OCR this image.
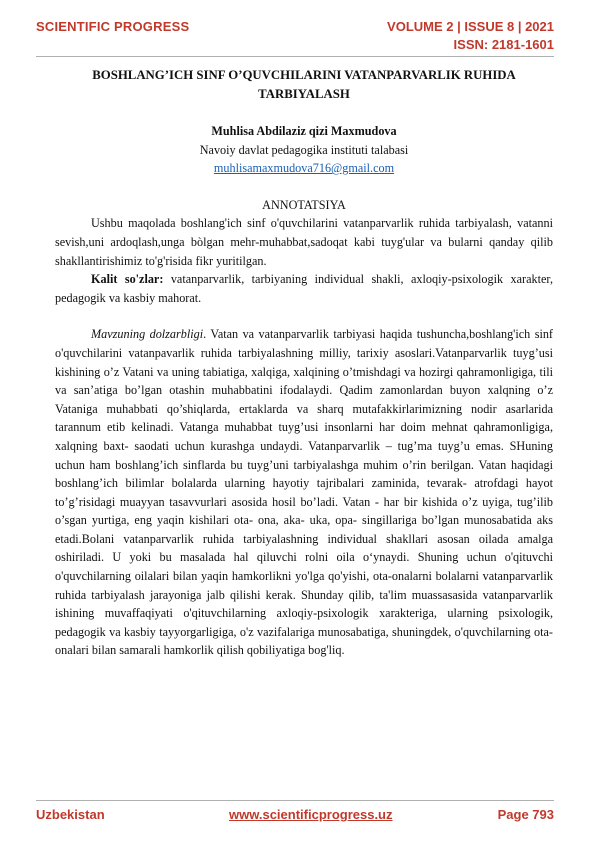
SCIENTIFIC PROGRESS	VOLUME 2 | ISSUE 8 | 2021
ISSN: 2181-1601
BOSHLANG’ICH SINF O’QUVCHILARINI VATANPARVARLIK RUHIDA TARBIYALASH

Muhlisa Abdilaziz qizi Maxmudova

Navoiy davlat pedagogika instituti talabasi

muhlisamaxmudova716@gmail.com

ANNOTATSIYA

Ushbu maqolada boshlang'ich sinf o'quvchilarini vatanparvarlik ruhida tarbiyalash, vatanni sevish,uni ardoqlash,unga bòlgan mehr-muhabbat,sadoqat kabi tuyg'ular va bularni qanday qilib shakllantirishimiz to'g'risida fikr yuritilgan.

Kalit so'zlar: vatanparvarlik, tarbiyaning individual shakli, axloqiy-psixologik xarakter, pedagogik va kasbiy mahorat.

Mavzuning dolzarbligi. Vatan va vatanparvarlik tarbiyasi haqida tushuncha,boshlang'ich sinf o'quvchilarini vatanpavarlik ruhida tarbiyalashning milliy, tarixiy asoslari.Vatanparvarlik tuyg’usi kishining o’z Vatani va uning tabiatiga, xalqiga, xalqining o’tmishdagi va hozirgi qahramonligiga, tili va san’atiga bo’lgan otashin muhabbatini ifodalaydi. Qadim zamonlardan buyon xalqning o’z Vataniga muhabbati qo’shiqlarda, ertaklarda va sharq mutafakkirlarimizning nodir asarlarida tarannum etib kelinadi. Vatanga muhabbat tuyg’usi insonlarni har doim mehnat qahramonligiga, xalqning baxt- saodati uchun kurashga undaydi. Vatanparvarlik – tug’ma tuyg’u emas. SHuning uchun ham boshlang’ich sinflarda bu tuyg’uni tarbiyalashga muhim o’rin berilgan. Vatan haqidagi boshlang’ich bilimlar bolalarda ularning hayotiy tajribalari zaminida, tevarak- atrofdagi hayot to’g’risidagi muayyan tasavvurlari asosida hosil bo’ladi. Vatan - har bir kishida o’z uyiga, tug’ilib o’sgan yurtiga, eng yaqin kishilari ota- ona, aka- uka, opa- singillariga bo’lgan munosabatida aks etadi.Bolani vatanparvarlik ruhida tarbiyalashning individual shakllari asosan oilada amalga oshiriladi. U yoki bu masalada hal qiluvchi rolni oila o‘ynaydi. Shuning uchun o'qituvchi o'quvchilarning oilalari bilan yaqin hamkorlikni yo'lga qo'yishi, ota-onalarni bolalarni vatanparvarlik ruhida tarbiyalash jarayoniga jalb qilishi kerak. Shunday qilib, ta'lim muassasasida vatanparvarlik ishining muvaffaqiyati o'qituvchilarning axloqiy-psixologik xarakteriga, ularning psixologik, pedagogik va kasbiy tayyorgarligiga, o'z vazifalariga munosabatiga, shuningdek, o'quvchilarning ota-onalari bilan samarali hamkorlik qilish qobiliyatiga bog'liq.

Uzbekistan	www.scientificprogress.uz	Page 793
